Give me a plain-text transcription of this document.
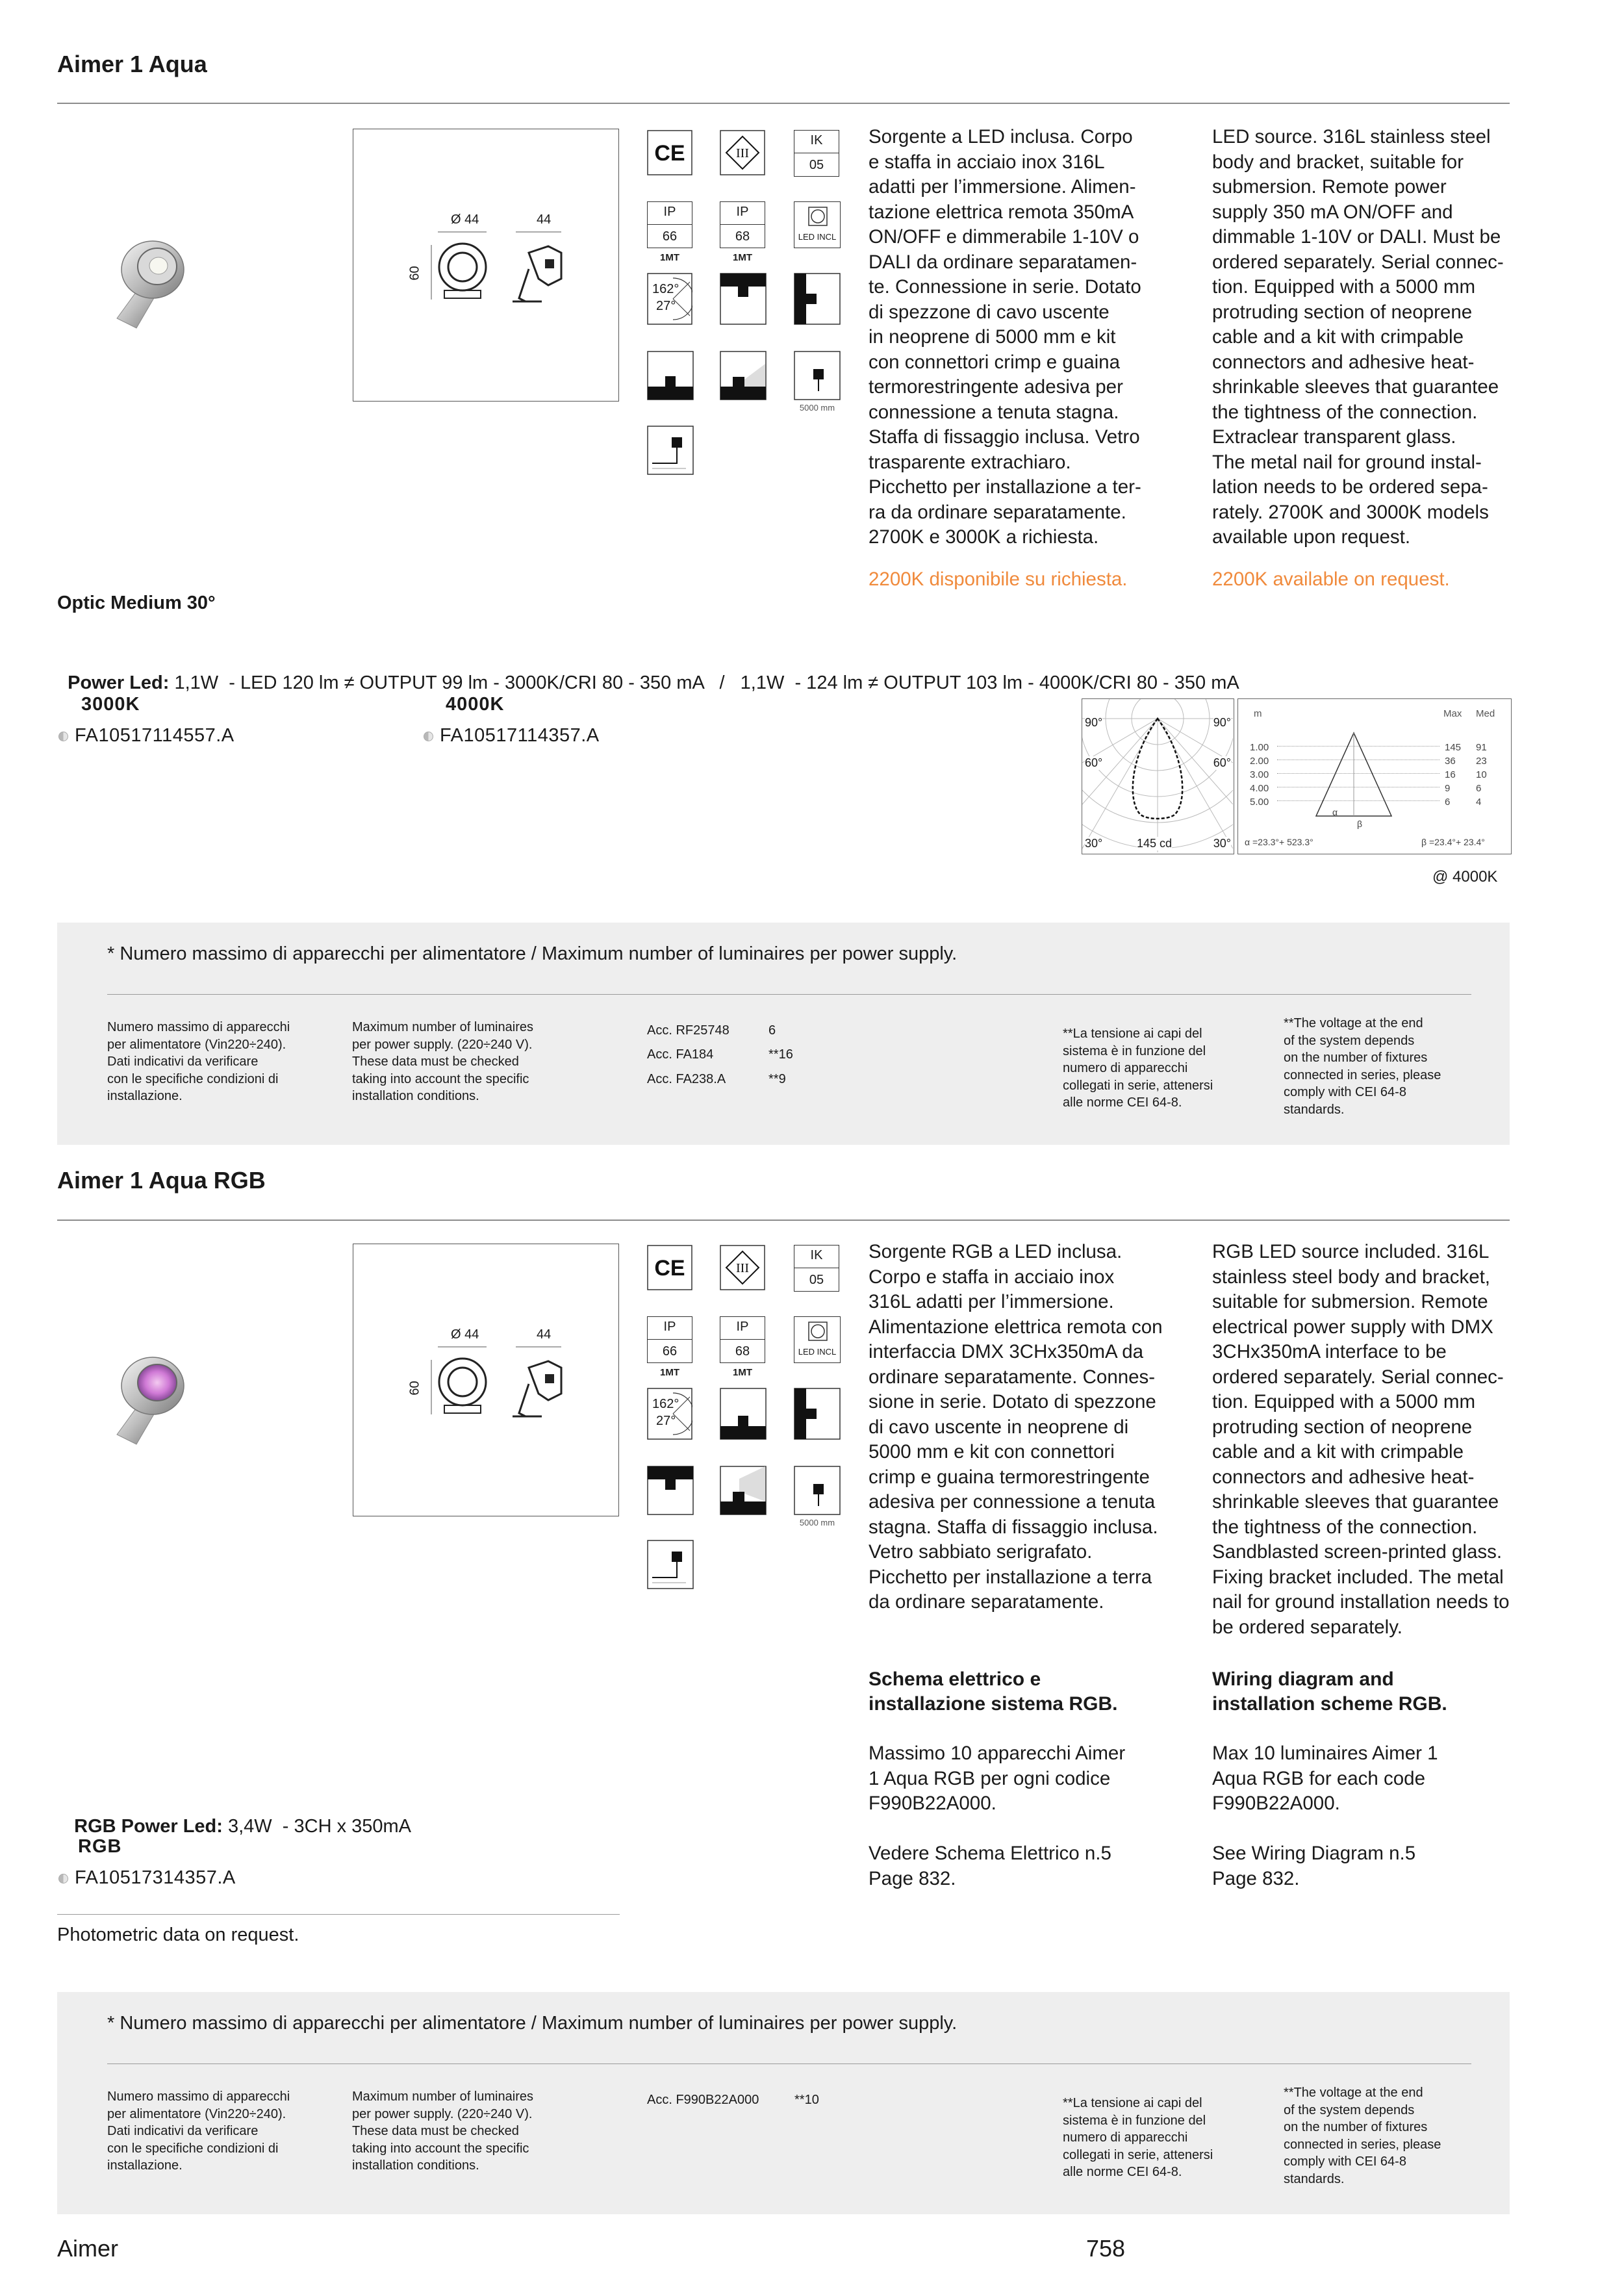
Aimer 1 Aqua
Ø 44	44
60
CE	III
IK
05
IP
66
1MT
IP
68
1MT
LED INCL
162°
27°
5000 mm
Sorgente a LED inclusa. Corpo
e staffa in acciaio inox 316L
adatti per l’immersione. Alimen-
tazione elettrica remota 350mA
ON/OFF e dimmerabile 1-10V o
DALI da ordinare separatamen-
te. Connessione in serie. Dotato
di spezzone di cavo uscente
in neoprene di 5000 mm e kit
con connettori crimp e guaina
termorestringente adesiva per
connessione a tenuta stagna.
Staffa di fissaggio inclusa. Vetro
trasparente extrachiaro.
Picchetto per installazione a ter-
ra da ordinare separatamente.
2700K e 3000K a richiesta.
LED source. 316L stainless steel
body and bracket, suitable for
submersion. Remote power
supply 350 mA ON/OFF and
dimmable 1-10V or DALI. Must be
ordered separately. Serial connec-
tion. Equipped with a 5000 mm
protruding section of neoprene
cable and a kit with crimpable
connectors and adhesive heat-
shrinkable sleeves that guarantee
the tightness of the connection.
Extraclear transparent glass.
The metal nail for ground instal-
lation needs to be ordered sepa-
rately. 2700K and 3000K models
available upon request.
2200K disponibile su richiesta.	2200K available on request.
Optic Medium 30°

Power Led: 1,1W  - LED 120 lm ≠ OUTPUT 99 lm - 3000K/CRI 80 - 350 mA   /   1,1W  - 124 lm ≠ OUTPUT 103 lm - 4000K/CRI 80 - 350 mA

3000K
FA10517114557.A
4000K
FA10517114357.A
90°	90°
60°	60°
30°	30°
145 cd
m	Max Med
1.00	145 91
2.00	36 23
3.00	16 10
4.00	9	6
5.00	6	4
α
β
α =23.3°+ 523.3°	β =23.4°+ 23.4°
@ 4000K
* Numero massimo di apparecchi per alimentatore / Maximum number of luminaires per power supply.
Numero massimo di apparecchi
per alimentatore (Vin220÷240).
Dati indicativi da verificare
con le specifiche condizioni di
installazione.
Maximum number of luminaires
per power supply. (220÷240 V).
These data must be checked
taking into account the specific
installation conditions.
Acc. RF25748	6
Acc. FA184	**16
Acc. FA238.A	**9
**La tensione ai capi del
sistema è in funzione del
numero di apparecchi
collegati in serie, attenersi
alle norme CEI 64-8.
**The voltage at the end
of the system depends
on the number of fixtures
connected in series, please
comply with CEI 64-8
standards.
Aimer 1 Aqua RGB
Ø 44	44
60
CE	III
IK
05
IP
66
1MT
IP
68
1MT
LED INCL
162°
27°
5000 mm
Sorgente RGB a LED inclusa.
Corpo e staffa in acciaio inox
316L adatti per l’immersione.
Alimentazione elettrica remota con
interfaccia DMX 3CHx350mA da
ordinare separatamente. Connes-
sione in serie. Dotato di spezzone
di cavo uscente in neoprene di
5000 mm e kit con connettori
crimp e guaina termorestringente
adesiva per connessione a tenuta
stagna. Staffa di fissaggio inclusa.
Vetro sabbiato serigrafato.
Picchetto per installazione a terra
da ordinare separatamente.
RGB LED source included. 316L
stainless steel body and bracket,
suitable for submersion. Remote
electrical power supply with DMX
3CHx350mA interface to be
ordered separately. Serial connec-
tion. Equipped with a 5000 mm
protruding section of neoprene
cable and a kit with crimpable
connectors and adhesive heat-
shrinkable sleeves that guarantee
the tightness of the connection.
Sandblasted screen-printed glass.
Fixing bracket included. The metal
nail for ground installation needs to
be ordered separately.
Schema elettrico e
installazione sistema RGB.
Wiring diagram and
installation scheme RGB.
Massimo 10 apparecchi Aimer
1 Aqua RGB per ogni codice
F990B22A000.

Vedere Schema Elettrico n.5
Page 832.
Max 10 luminaires Aimer 1
Aqua RGB for each code
F990B22A000.

See Wiring Diagram n.5
Page 832.

RGB Power Led: 3,4W  - 3CH x 350mA

RGB
FA10517314357.A
Photometric data on request.
* Numero massimo di apparecchi per alimentatore / Maximum number of luminaires per power supply.
Numero massimo di apparecchi
per alimentatore (Vin220÷240).
Dati indicativi da verificare
con le specifiche condizioni di
installazione.
Maximum number of luminaires
per power supply. (220÷240 V).
These data must be checked
taking into account the specific
installation conditions.
Acc. F990B22A000	**10	**La tensione ai capi del
sistema è in funzione del
numero di apparecchi
collegati in serie, attenersi
alle norme CEI 64-8.
**The voltage at the end
of the system depends
on the number of fixtures
connected in series, please
comply with CEI 64-8
standards.
Aimer	758
